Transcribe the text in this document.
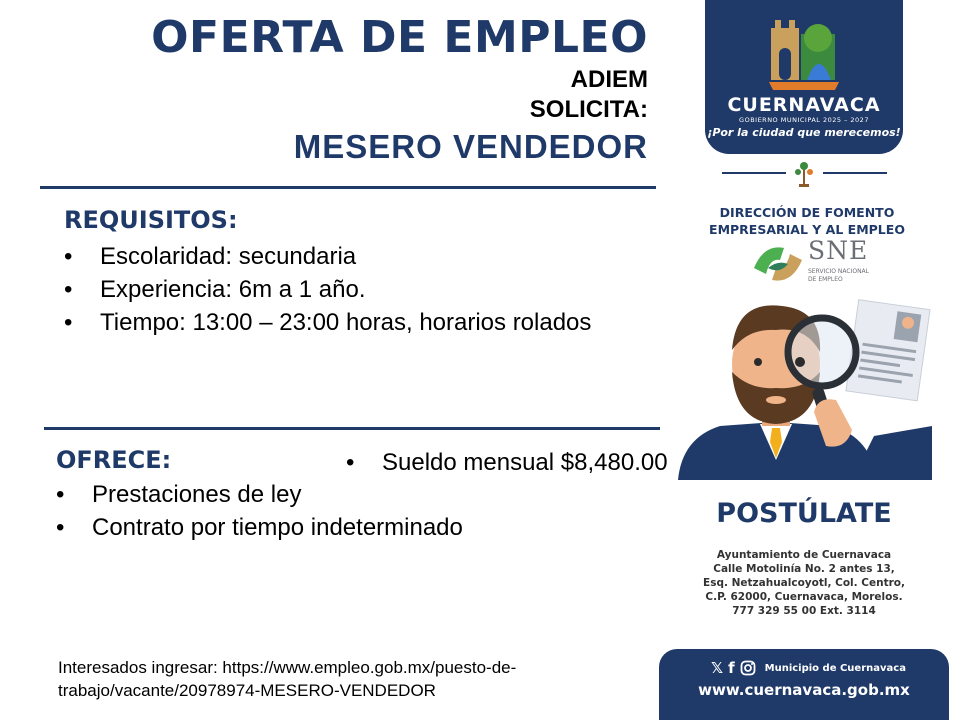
OFERTA DE EMPLEO
ADIEM
SOLICITA:
MESERO VENDEDOR
REQUISITOS:
• Escolaridad: secundaria
• Experiencia: 6m a 1 año.
• Tiempo: 13:00 – 23:00 horas, horarios rolados
OFRECE:
• Prestaciones de ley
• Contrato por tiempo indeterminado
• Sueldo mensual $8,480.00
Interesados ingresar: https://www.empleo.gob.mx/puesto-de-trabajo/vacante/20978974-MESERO-VENDEDOR
CUERNAVACA
GOBIERNO MUNICIPAL 2025 – 2027
¡Por la ciudad que merecemos!
DIRECCIÓN DE FOMENTO
EMPRESARIAL Y AL EMPLEO
SNE
SERVICIO NACIONAL
DE EMPLEO
POSTÚLATE
Ayuntamiento de Cuernavaca
Calle Motolinía No. 2 antes 13,
Esq. Netzahualcoyotl, Col. Centro,
C.P. 62000, Cuernavaca, Morelos.
777 329 55 00 Ext. 3114
𝕏 f	Municipio de Cuernavaca
www.cuernavaca.gob.mx
